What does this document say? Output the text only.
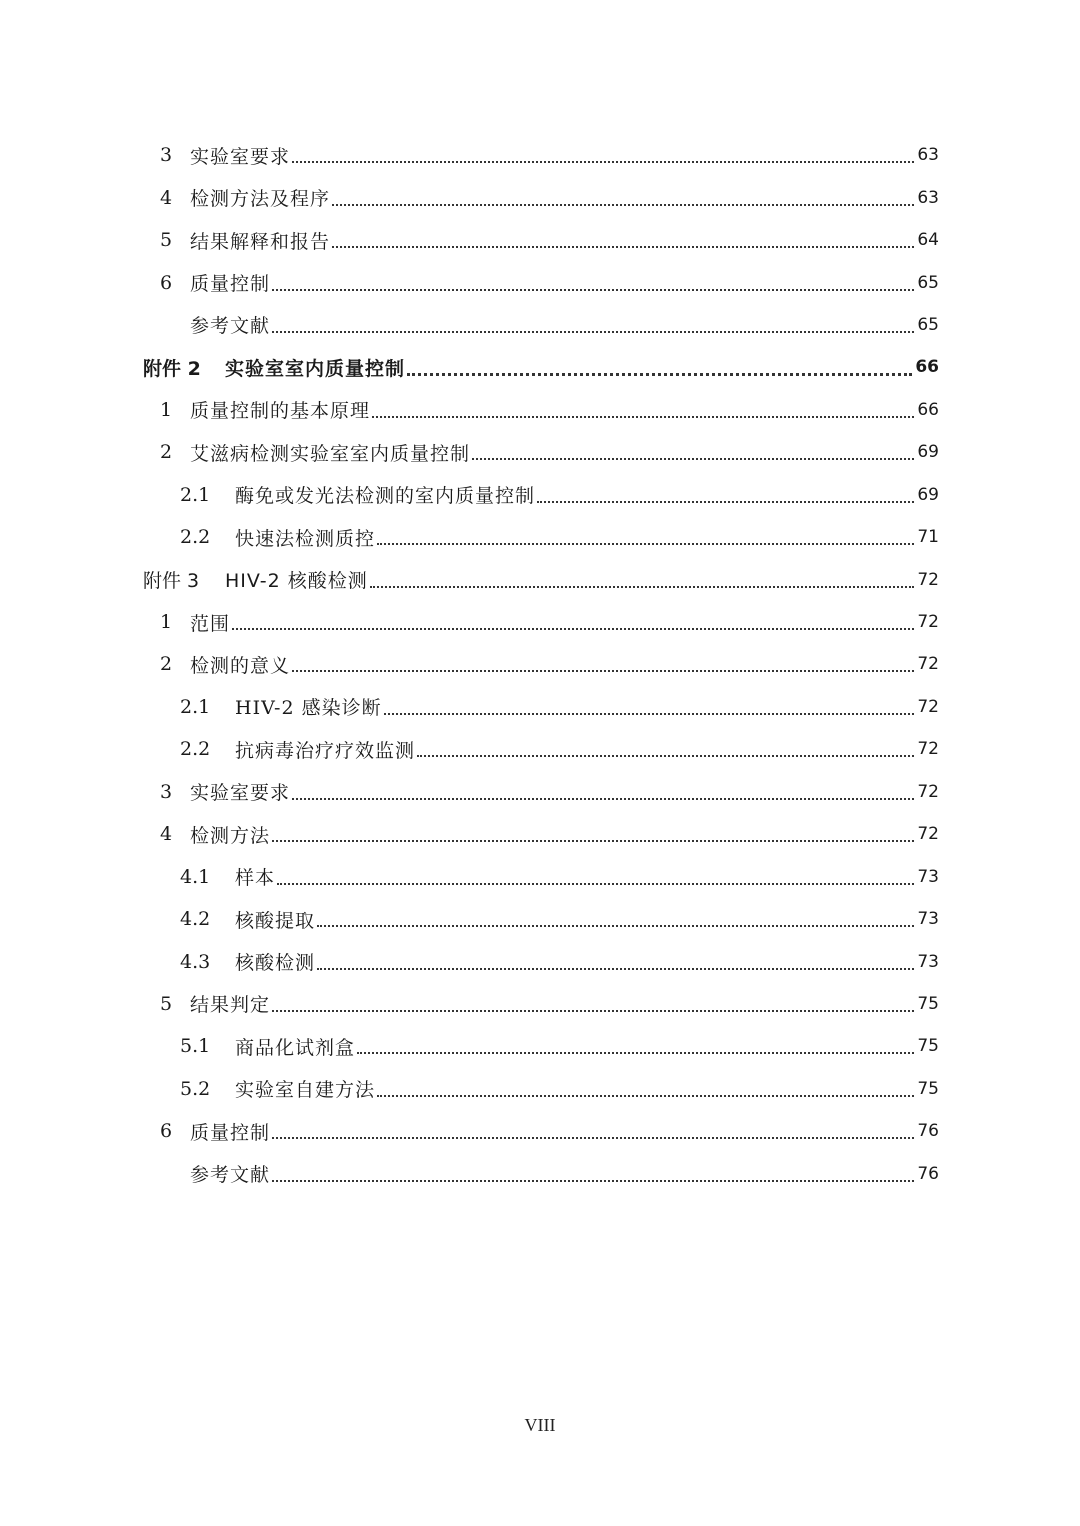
3 实验室要求	63
4 检测方法及程序	63
5 结果解释和报告	64
6 质量控制	65
参考文献	65
附件 2	实验室室内质量控制	66
1 质量控制的基本原理	66
2 艾滋病检测实验室室内质量控制	69
2.1	酶免或发光法检测的室内质量控制	69
2.2	快速法检测质控	71
附件 3	HIV-2 核酸检测	72
1 范围	72
2 检测的意义	72
2.1	HIV-2 感染诊断	72
2.2	抗病毒治疗疗效监测	72
3 实验室要求	72
4 检测方法	72
4.1	样本	73
4.2	核酸提取	73
4.3	核酸检测	73
5 结果判定	75
5.1	商品化试剂盒	75
5.2	实验室自建方法	75
6 质量控制	76
参考文献	76
VIII
